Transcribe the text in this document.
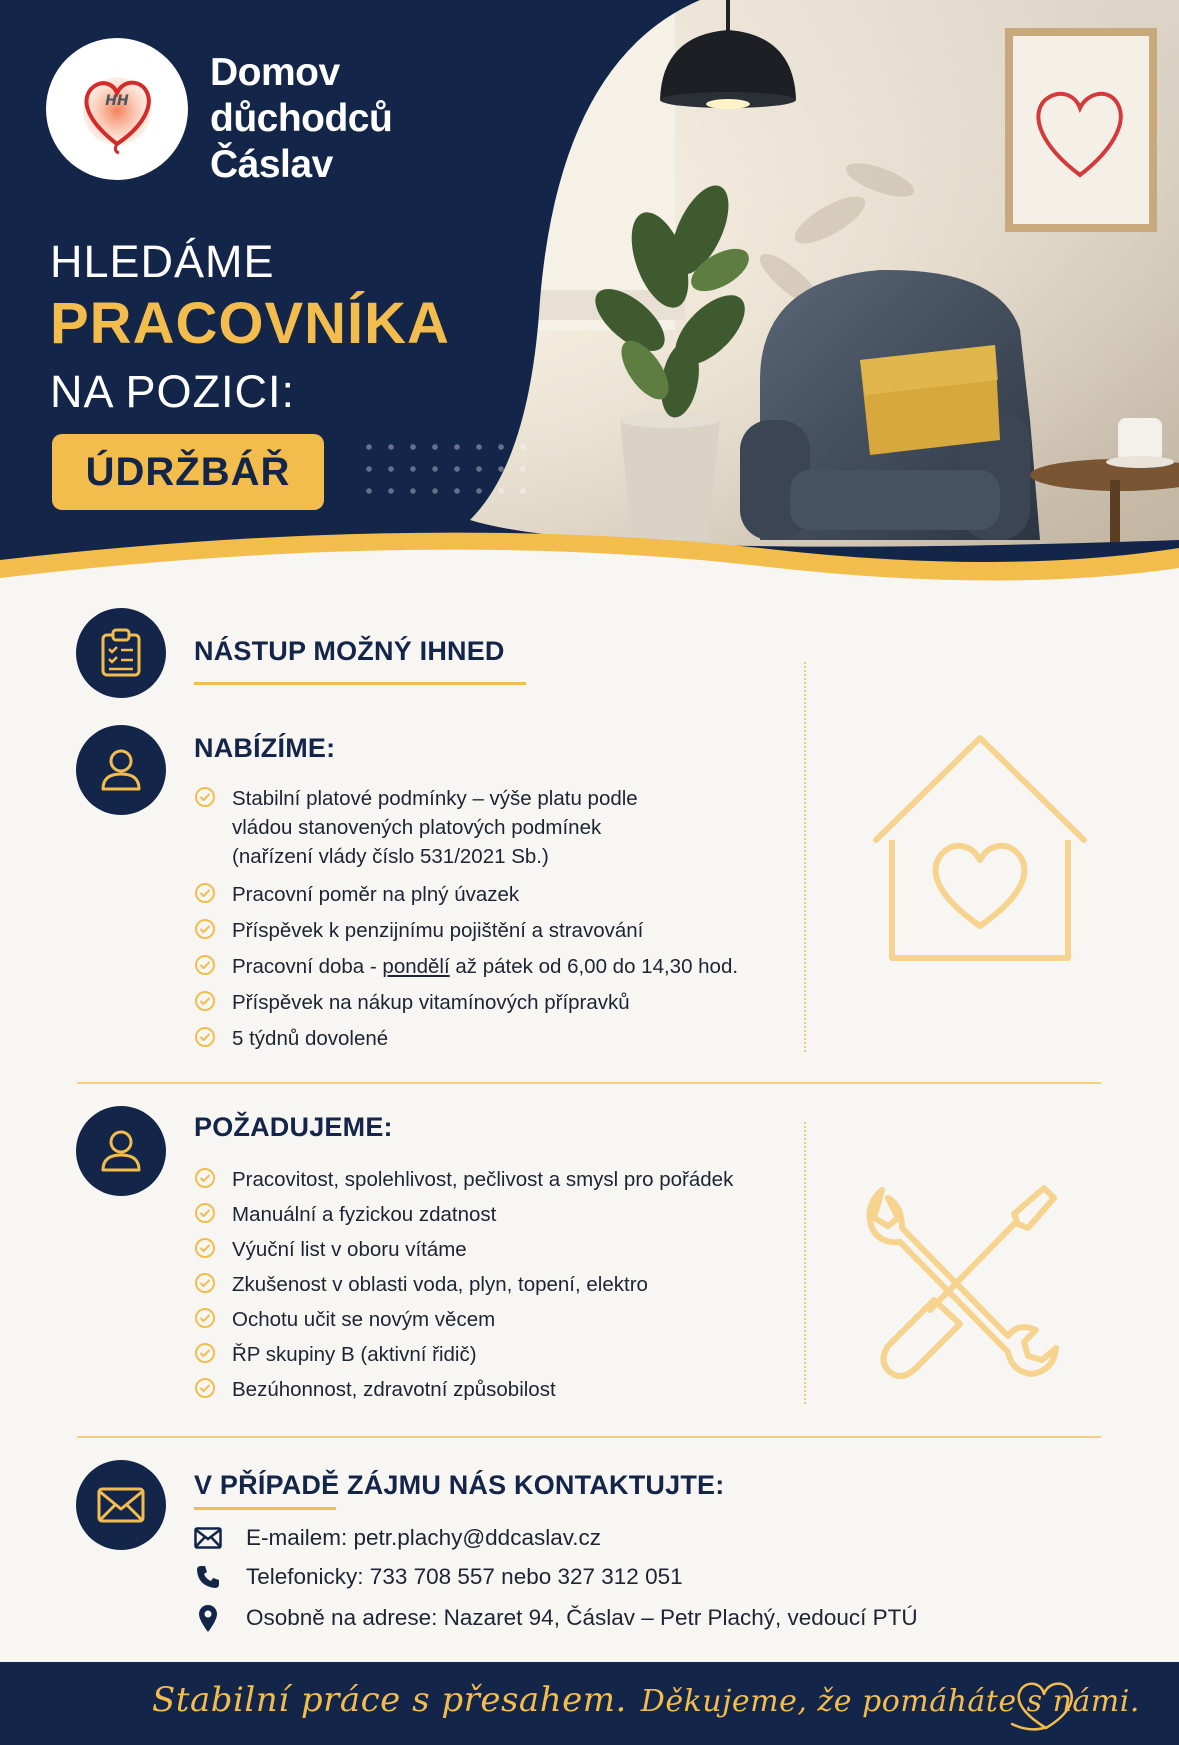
HH
Domov
důchodců
Čáslav
HLEDÁME
PRACOVNÍKA
NA POZICI:
ÚDRŽBÁŘ
NÁSTUP MOŽNÝ IHNED
NABÍZÍME:
Stabilní platové podmínky – výše platu podle
vládou stanovených platových podmínek
(nařízení vlády číslo 531/2021 Sb.)
Pracovní poměr na plný úvazek
Příspěvek k penzijnímu pojištění a stravování
Pracovní doba - pondělí až pátek od 6,00 do 14,30 hod.
Příspěvek na nákup vitamínových přípravků
5 týdnů dovolené
POŽADUJEME:
Pracovitost, spolehlivost, pečlivost a smysl pro pořádek
Manuální a fyzickou zdatnost
Výuční list v oboru vítáme
Zkušenost v oblasti voda, plyn, topení, elektro
Ochotu učit se novým věcem
ŘP skupiny B (aktivní řidič)
Bezúhonnost, zdravotní způsobilost
V PŘÍPADĚ ZÁJMU NÁS KONTAKTUJTE:
E-mailem: petr.plachy@ddcaslav.cz
Telefonicky: 733 708 557 nebo 327 312 051
Osobně na adrese: Nazaret 94, Čáslav – Petr Plachý, vedoucí PTÚ
Stabilní práce s přesahem. Děkujeme, že pomáháte s námi.
